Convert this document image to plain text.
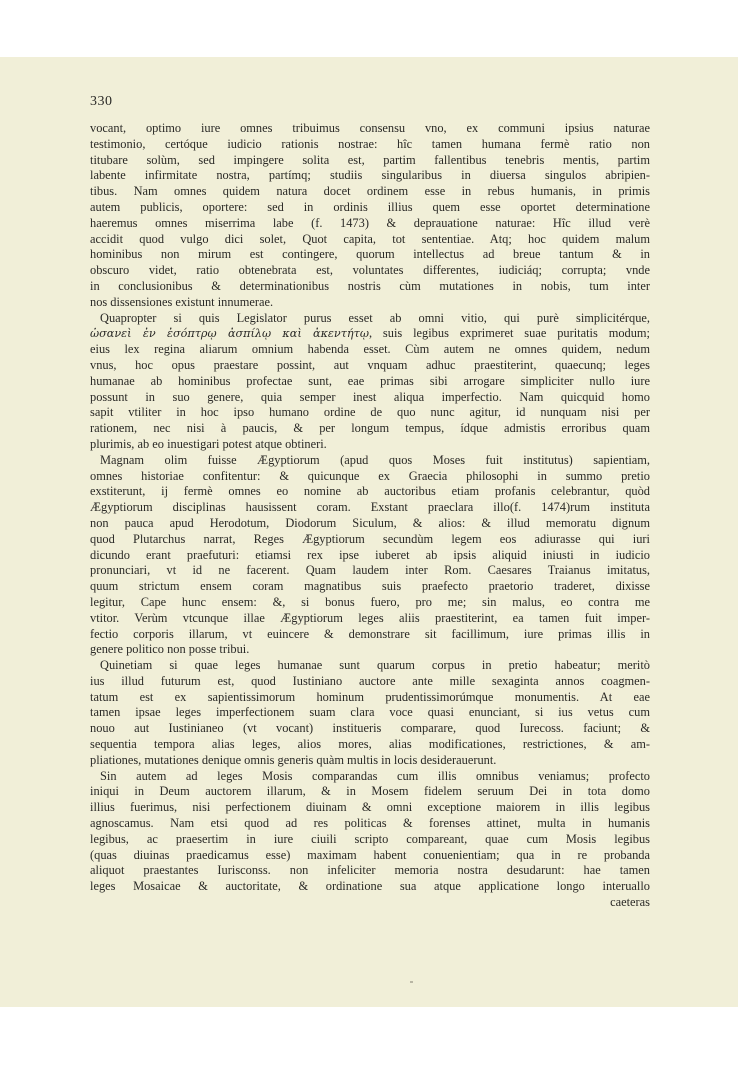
330
vocant, optimo iure omnes tribuimus consensu vno, ex communi ipsius naturae
testimonio, certóque iudicio rationis nostrae: hîc tamen humana fermè ratio non
titubare solùm, sed impingere solita est, partim fallentibus tenebris mentis, partim
labente infirmitate nostra, partímq; studiis singularibus in diuersa singulos abripien-
tibus. Nam omnes quidem natura docet ordinem esse in rebus humanis, in primis
autem publicis, oportere: sed in ordinis illius quem esse oportet determinatione
haeremus omnes miserrima labe (f. 1473) & deprauatione naturae: Hîc illud verè
accidit quod vulgo dici solet, Quot capita, tot sententiae. Atq; hoc quidem malum
hominibus non mirum est contingere, quorum intellectus ad breue tantum & in
obscuro videt, ratio obtenebrata est, voluntates differentes, iudiciáq; corrupta; vnde
in conclusionibus & determinationibus nostris cùm mutationes in nobis, tum inter
nos dissensiones existunt innumerae.
Quapropter si quis Legislator purus esset ab omni vitio, qui purè simplicitérque,
ὡσανεὶ ἐν ἐσόπτρῳ ἀσπίλῳ καὶ ἀκεντήτῳ, suis legibus exprimeret suae puritatis modum;
eius lex regina aliarum omnium habenda esset. Cùm autem ne omnes quidem, nedum
vnus, hoc opus praestare possint, aut vnquam adhuc praestiterint, quaecunq; leges
humanae ab hominibus profectae sunt, eae primas sibi arrogare simpliciter nullo iure
possunt in suo genere, quia semper inest aliqua imperfectio. Nam quicquid homo
sapit vtiliter in hoc ipso humano ordine de quo nunc agitur, id nunquam nisi per
rationem, nec nisi à paucis, & per longum tempus, ídque admistis erroribus quam
plurimis, ab eo inuestigari potest atque obtineri.
Magnam olim fuisse Ægyptiorum (apud quos Moses fuit institutus) sapientiam,
omnes historiae confitentur: & quicunque ex Graecia philosophi in summo pretio
exstiterunt, ij fermè omnes eo nomine ab auctoribus etiam profanis celebrantur, quòd
Ægyptiorum disciplinas hausissent coram. Exstant praeclara illo(f. 1474)rum instituta
non pauca apud Herodotum, Diodorum Siculum, & alios: & illud memoratu dignum
quod Plutarchus narrat, Reges Ægyptiorum secundùm legem eos adiurasse qui iuri
dicundo erant praefuturi: etiamsi rex ipse iuberet ab ipsis aliquid iniusti in iudicio
pronunciari, vt id ne facerent. Quam laudem inter Rom. Caesares Traianus imitatus,
quum strictum ensem coram magnatibus suis praefecto praetorio traderet, dixisse
legitur, Cape hunc ensem: &, si bonus fuero, pro me; sin malus, eo contra me
vtitor. Verùm vtcunque illae Ægyptiorum leges aliis praestiterint, ea tamen fuit imper-
fectio corporis illarum, vt euincere & demonstrare sit facillimum, iure primas illis in
genere politico non posse tribui.
Quinetiam si quae leges humanae sunt quarum corpus in pretio habeatur; meritò
ius illud futurum est, quod Iustiniano auctore ante mille sexaginta annos coagmen-
tatum est ex sapientissimorum hominum prudentissimorúmque monumentis. At eae
tamen ipsae leges imperfectionem suam clara voce quasi enunciant, si ius vetus cum
nouo aut Iustinianeo (vt vocant) institueris comparare, quod Iurecoss. faciunt; &
sequentia tempora alias leges, alios mores, alias modificationes, restrictiones, & am-
pliationes, mutationes denique omnis generis quàm multis in locis desiderauerunt.
Sin autem ad leges Mosis comparandas cum illis omnibus veniamus; profecto
iniqui in Deum auctorem illarum, & in Mosem fidelem seruum Dei in tota domo
illius fuerimus, nisi perfectionem diuinam & omni exceptione maiorem in illis legibus
agnoscamus. Nam etsi quod ad res politicas & forenses attinet, multa in humanis
legibus, ac praesertim in iure ciuili scripto compareant, quae cum Mosis legibus
(quas diuinas praedicamus esse) maximam habent conuenientiam; qua in re probanda
aliquot praestantes Iurisconss. non infeliciter memoria nostra desudarunt: hae tamen
leges Mosaicae & auctoritate, & ordinatione sua atque applicatione longo interuallo
caeteras
